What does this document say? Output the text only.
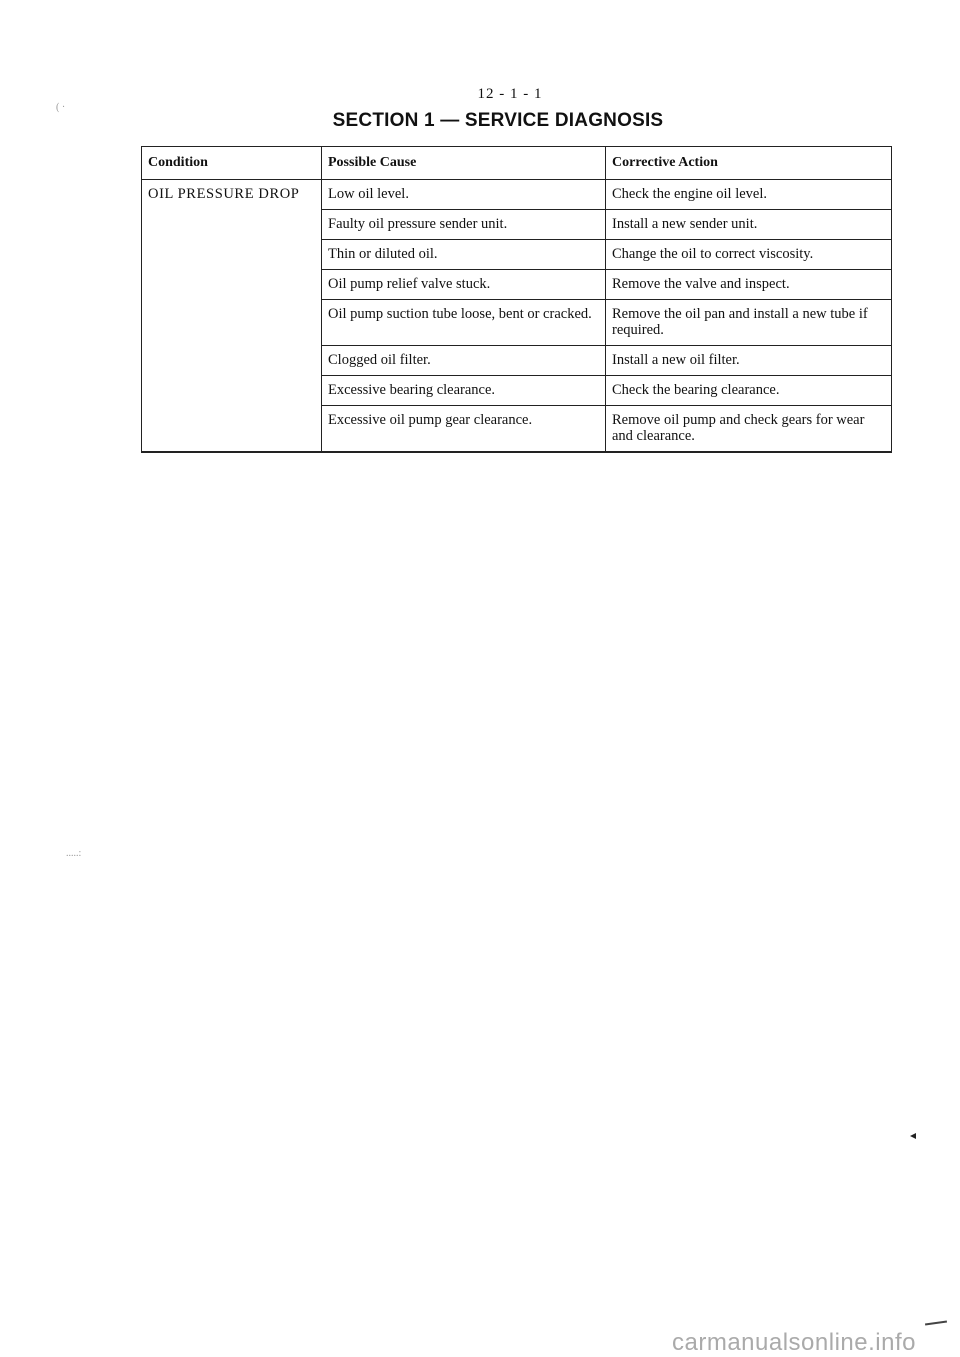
12 - 1 - 1
SECTION 1 — SERVICE DIAGNOSIS
Condition	Possible Cause	Corrective Action
OIL PRESSURE DROP	Low oil level.	Check the engine oil level.
	Faulty oil pressure sender unit.	Install a new sender unit.
	Thin or diluted oil.	Change the oil to correct viscosity.
	Oil pump relief valve stuck.	Remove the valve and inspect.
	Oil pump suction tube loose, bent or cracked.	Remove the oil pan and install a new tube if required.
	Clogged oil filter.	Install a new oil filter.
	Excessive bearing clearance.	Check the bearing clearance.
	Excessive oil pump gear clearance.	Remove oil pump and check gears for wear and clearance.
( ·
.....:
carmanualsonline.info
